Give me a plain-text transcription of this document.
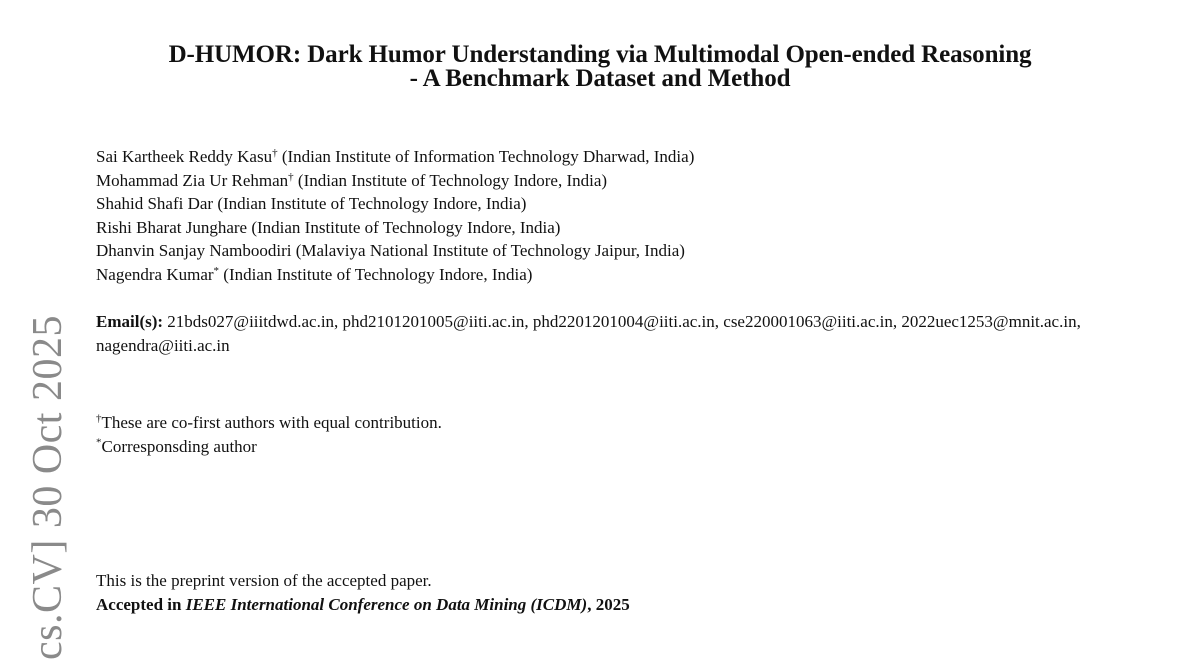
D-HUMOR: Dark Humor Understanding via Multimodal Open-ended Reasoning
- A Benchmark Dataset and Method
Sai Kartheek Reddy Kasu† (Indian Institute of Information Technology Dharwad, India)
Mohammad Zia Ur Rehman† (Indian Institute of Technology Indore, India)
Shahid Shafi Dar (Indian Institute of Technology Indore, India)
Rishi Bharat Junghare (Indian Institute of Technology Indore, India)
Dhanvin Sanjay Namboodiri (Malaviya National Institute of Technology Jaipur, India)
Nagendra Kumar* (Indian Institute of Technology Indore, India)
Email(s): 21bds027@iiitdwd.ac.in, phd2101201005@iiti.ac.in, phd2201201004@iiti.ac.in, cse220001063@iiti.ac.in, 2022uec1253@mnit.ac.in, nagendra@iiti.ac.in
†These are co-first authors with equal contribution.
*Corresponsding author
This is the preprint version of the accepted paper.
Accepted in IEEE International Conference on Data Mining (ICDM), 2025
cs.CV] 30 Oct 2025
